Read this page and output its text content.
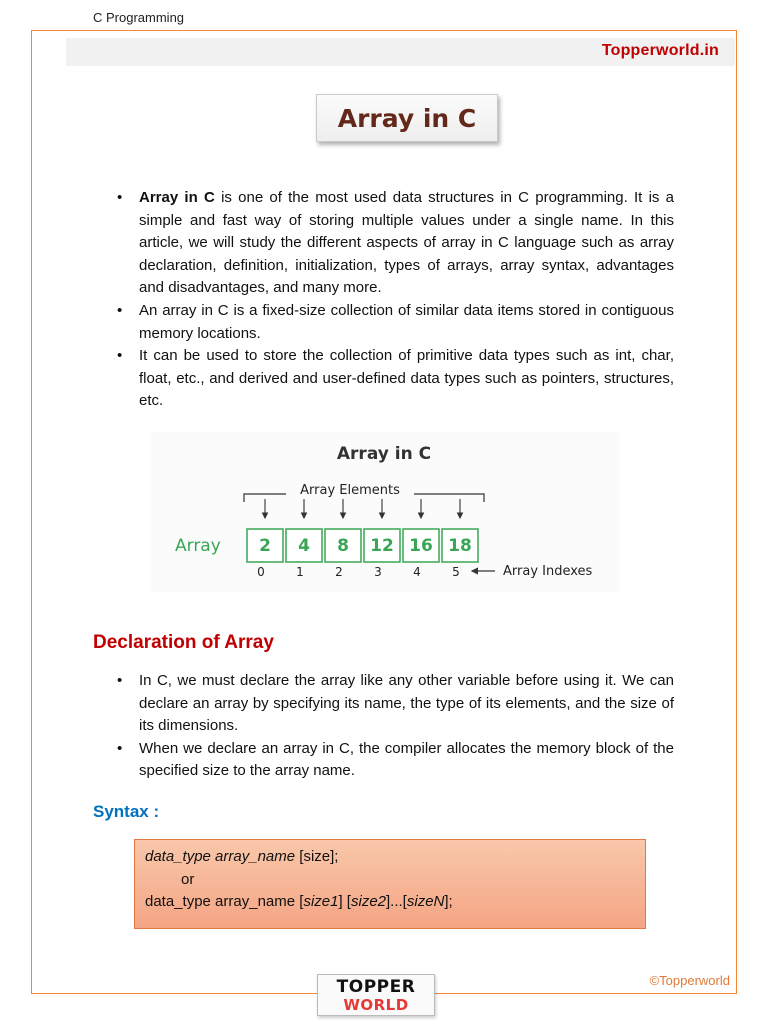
C Programming
Topperworld.in
Array in C
• Array in C is one of the most used data structures in C programming. It is a simple and fast way of storing multiple values under a single name. In this article, we will study the different aspects of array in C language such as array declaration, definition, initialization, types of arrays, array syntax, advantages and disadvantages, and many more.
• An array in C is a fixed-size collection of similar data items stored in contiguous memory locations.
• It can be used to store the collection of primitive data types such as int, char, float, etc., and derived and user-defined data types such as pointers, structures, etc.
Array in C
Array Elements
Array 2
0
4
1
8
2
12
3
16
4
18
5	Array Indexes
Declaration of Array
• In C, we must declare the array like any other variable before using it. We can declare an array by specifying its name, the type of its elements, and the size of its dimensions.
• When we declare an array in C, the compiler allocates the memory block of the specified size to the array name.
Syntax :
data_type array_name [size];
or
data_type array_name [size1] [size2]...[sizeN];
©Topperworld
TOPPER
WORLD
